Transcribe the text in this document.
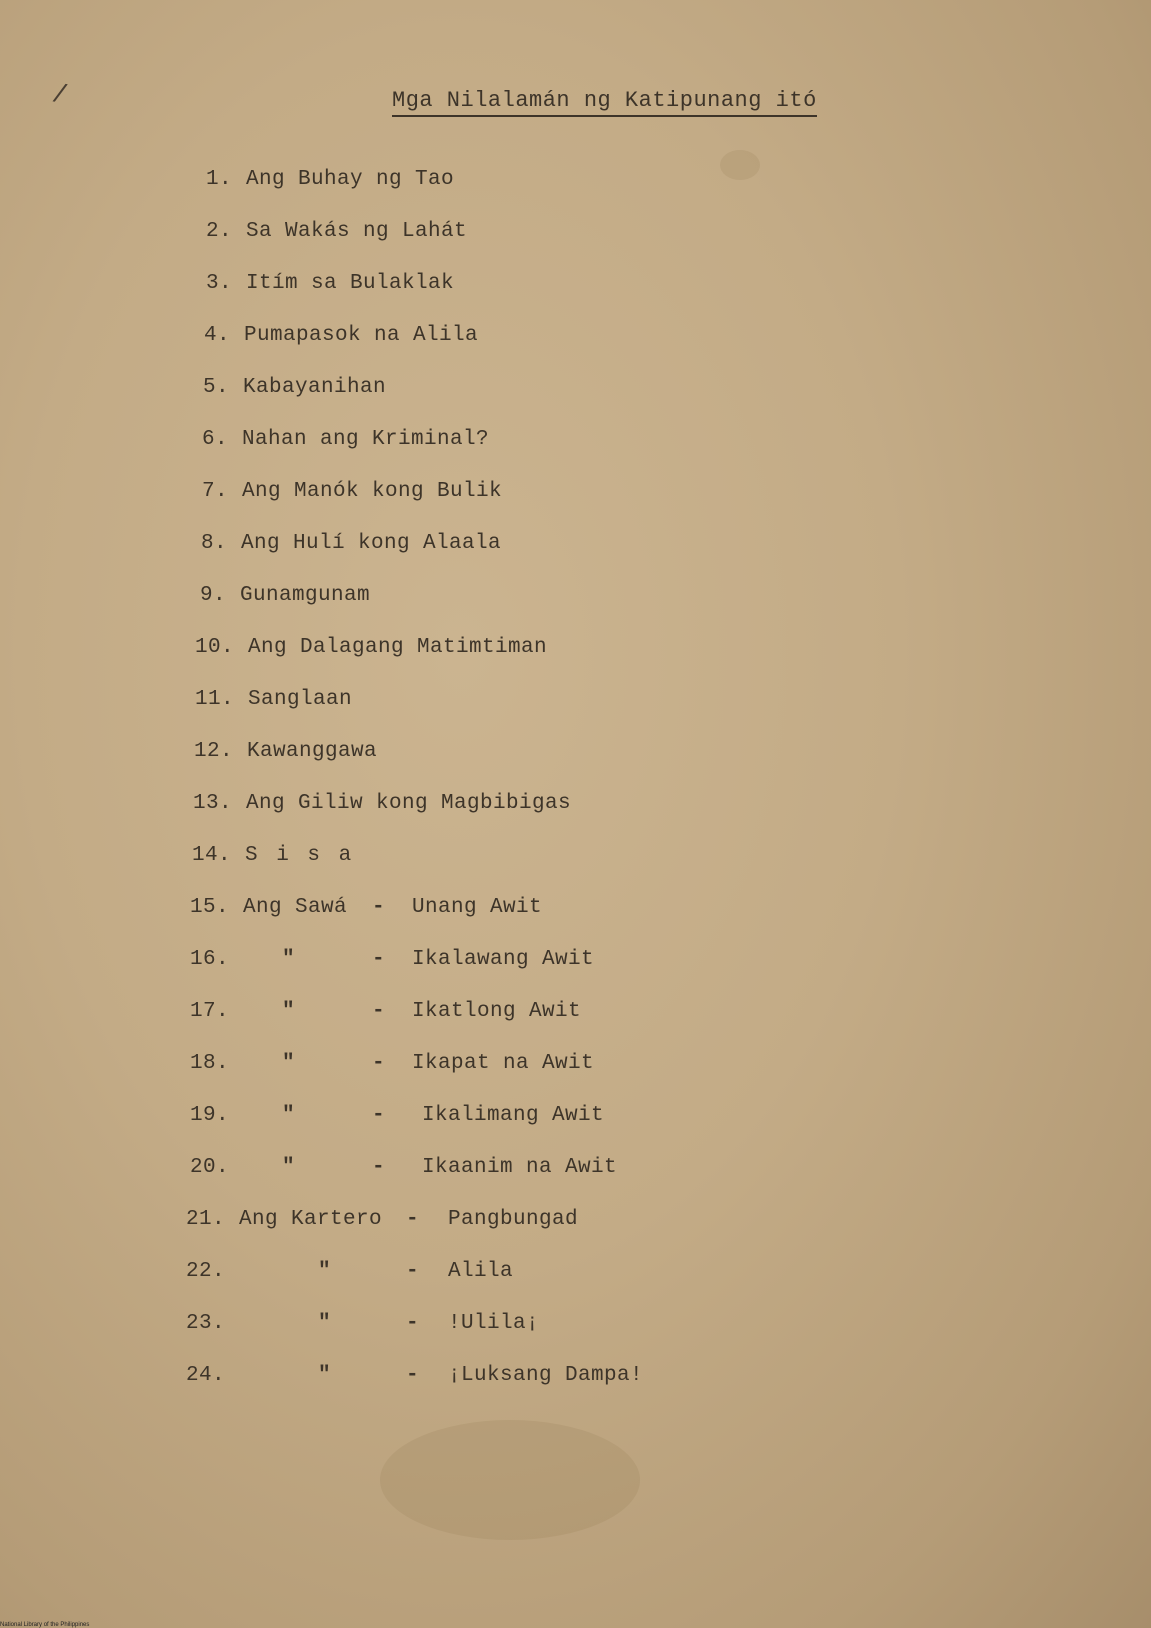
/	Mga Nilalamán ng Katipunang itó
1. Ang Buhay ng Tao
2. Sa Wakás ng Lahát
3. Itím sa Bulaklak
4. Pumapasok na Alila
5. Kabayanihan
6. Nahan ang Kriminal?
7. Ang Manók kong Bulik
8. Ang Hulí kong Alaala
9. Gunamgunam
10. Ang Dalagang Matimtiman
11. Sanglaan
12. Kawanggawa
13. Ang Giliw kong Magbibigas
14. S i s a
15. Ang Sawá - Unang Awit
16.	"	- Ikalawang Awit
17.	"	- Ikatlong Awit
18.	"	- Ikapat na Awit
19.	"	- Ikalimang Awit
20.	"	- Ikaanim na Awit
21. Ang Kartero - Pangbungad
22.	"	- Alila
23.	"	- !Ulila¡
24.	"	- ¡Luksang Dampa!
National Library of the Philippines
